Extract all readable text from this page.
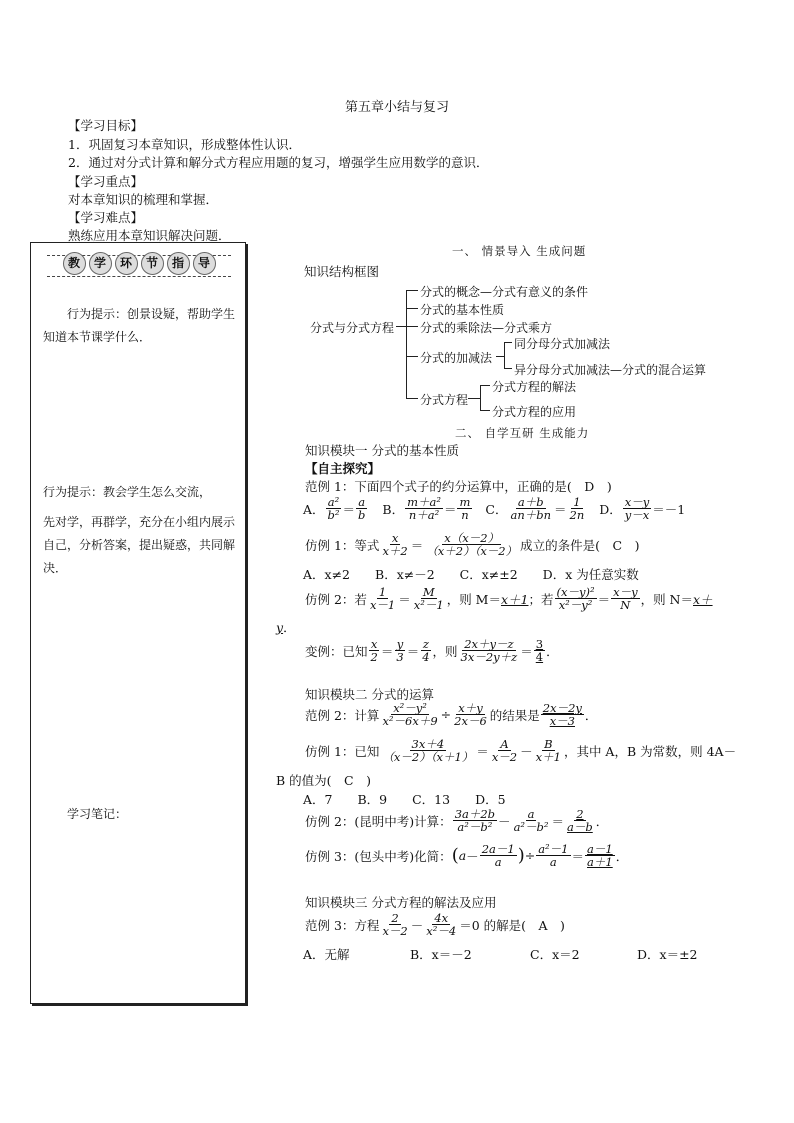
第五章小结与复习
【学习目标】
1．巩固复习本章知识，形成整体性认识．
2．通过对分式计算和解分式方程应用题的复习，增强学生应用数学的意识．
【学习重点】
对本章知识的梳理和掌握．
【学习难点】
熟练应用本章知识解决问题．
教	学	环	节	指	导
行为提示：创景设疑，帮助学生知道本节课学什么．
行为提示：教会学生怎么交流，
先对学，再群学，充分在小组内展示自己，分析答案，提出疑惑，共同解决．
学习笔记：
一、 情景导入 生成问题
知识结构框图
分式与分式方程
分式的概念—分式有意义的条件
分式的基本性质
分式的乘除法—分式乘方
分式的加减法
同分母分式加减法
异分母分式加减法—分式的混合运算
分式方程
分式方程的解法
分式方程的应用
二、 自学互研 生成能力
知识模块一 分式的基本性质
【自主探究】
范例 1：下面四个式子的约分运算中，正确的是(　D　)
A． $\frac{\text{a²}}{\text{b²}} = \frac{a}{b}$ B． $\frac{\text{m＋a²}}{\text{n＋a²}} = \frac{m}{n}$ C． $\frac{a+b}{an+bn} = \frac{1}{2n}$ D． $\frac{x-y}{y-x} =-1$
仿例 1：等式 $\frac{x}{x+2} = \frac{x(x-2)}{(x+2)(x-2)}$ 成立的条件是(　C　)
A．x≠2　　B．x≠－2　　C．x≠±2　　D．x 为任意实数
仿例 2：若 $\frac{1}{x-1} = \frac{M}{\text{x²－1}}$ ，则 M＝ x＋1 ；若 $\frac{\text{(x－y)²}}{\text{x²－y²}} = \frac{x-y}{N}$ ，则 N＝ x＋
y．
变例：已知 $\frac{x}{2} = \frac{y}{3} = \frac{z}{4}$ ，则 $\frac{2x+y-z}{3x-2y+z} = \frac{3}{4}$ ．
知识模块二 分式的运算
范例 2：计算 $\frac{\text{x²－y²}}{\text{x²－6x＋9}} \div \frac{x+y}{2x-6}$ 的结果是 $\frac{2x-2y}{x-3}$ ．
仿例 1：已知 $\frac{3x+4}{(x-2)(x+1)} = \frac{A}{x-2} - \frac{B}{x+1}$ ，其中 A，B 为常数，则 4A－
B 的值为(　C　)
A．7　　B．9　　C．13　　D．5
仿例 2：(昆明中考)计算： $\frac{3a+2b}{\text{a²－b²}} - \frac{a}{\text{a²－b²}} = \frac{2}{a-b}$ ．
仿例 3：(包头中考)化简： ( $a - \frac{2a-1}{a}$ ) ÷ $\frac{\text{a²－1}}{a} = \frac{a-1}{a+1}$ ．
知识模块三 分式方程的解法及应用
范例 3：方程 $\frac{2}{x-2} - \frac{4x}{\text{x²－4}} =0$ 的解是(　A　)
A．无解	B．x＝－2	C．x＝2	D．x＝±2
